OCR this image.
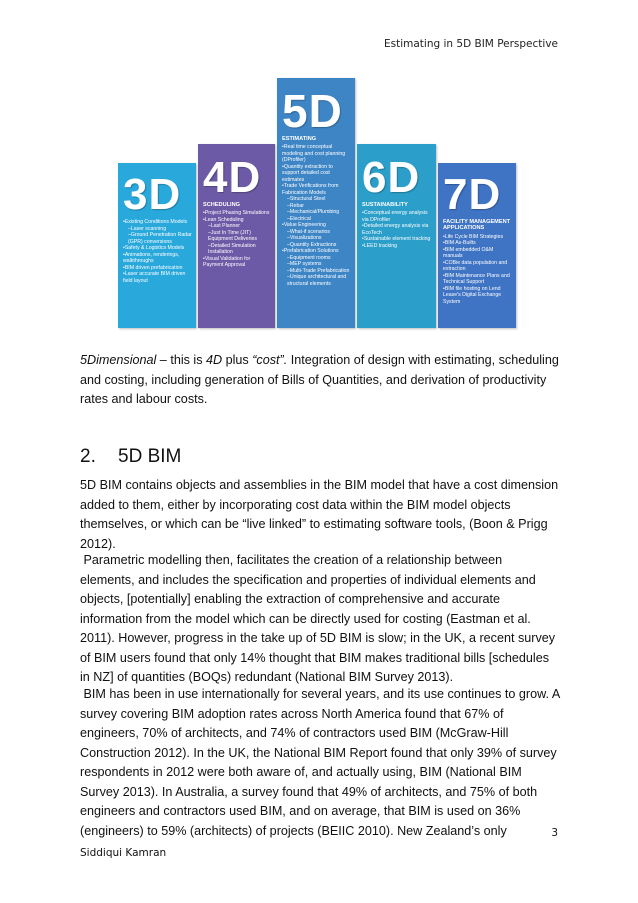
Estimating in 5D BIM Perspective
3D
• Existing Conditions Models
– Laser scanning
– Ground Penetration Radar (GPR) conversions
• Safety & Logistics Models
• Animations, renderings, walkthroughs
• BIM driven prefabrication
• Laser accurate BIM driven field layout
4D
SCHEDULING
• Project Phasing Simulations
• Lean Scheduling
– Last Planner
– Just In Time (JIT) Equipment Deliveries
– Detailed Simulation Installation
• Visual Validation for Payment Approval
5D
ESTIMATING
• Real time conceptual modeling and cost planning (DProfiler)
• Quantity extraction to support detailed cost estimates
• Trade Verifications from Fabrication Models
– Structural Steel
– Rebar
– Mechanical/Plumbing
– Electrical
• Value Engineering
– What-if scenarios
– Visualizations
– Quantity Extractions
• Prefabrication Solutions
– Equipment rooms
– MEP systems
– Multi-Trade Prefabrication
– Unique architectural and structural elements
6D
SUSTAINABILITY
• Conceptual energy analysis via DProfiler
• Detailed energy analysis via EcoTech
• Sustainable element tracking
• LEED tracking
7D
FACILITY MANAGEMENT APPLICATIONS
• Life Cycle BIM Strategies
• BIM As-Builts
• BIM embedded O&M manuals
• COBie data population and extraction
• BIM Maintenance Plans and Technical Support
• BIM file hosting on Lend Lease's Digital Exchange System
5Dimensional – this is 4D plus “cost”. Integration of design with estimating, scheduling and costing, including generation of Bills of Quantities, and derivation of productivity rates and labour costs.
2. 5D BIM
5D BIM contains objects and assemblies in the BIM model that have a cost dimension added to them, either by incorporating cost data within the BIM model objects themselves, or which can be “live linked” to estimating software tools, (Boon & Prigg 2012).
Parametric modelling then, facilitates the creation of a relationship between elements, and includes the specification and properties of individual elements and objects, [potentially] enabling the extraction of comprehensive and accurate information from the model which can be directly used for costing (Eastman et al. 2011). However, progress in the take up of 5D BIM is slow; in the UK, a recent survey of BIM users found that only 14% thought that BIM makes traditional bills [schedules in NZ] of quantities (BOQs) redundant (National BIM Survey 2013).
BIM has been in use internationally for several years, and its use continues to grow. A survey covering BIM adoption rates across North America found that 67% of engineers, 70% of architects, and 74% of contractors used BIM (McGraw-Hill Construction 2012). In the UK, the National BIM Report found that only 39% of survey respondents in 2012 were both aware of, and actually using, BIM (National BIM Survey 2013). In Australia, a survey found that 49% of architects, and 75% of both engineers and contractors used BIM, and on average, that BIM is used on 36% (engineers) to 59% (architects) of projects (BEIIC 2010). New Zealand’s only	3
Siddiqui Kamran
